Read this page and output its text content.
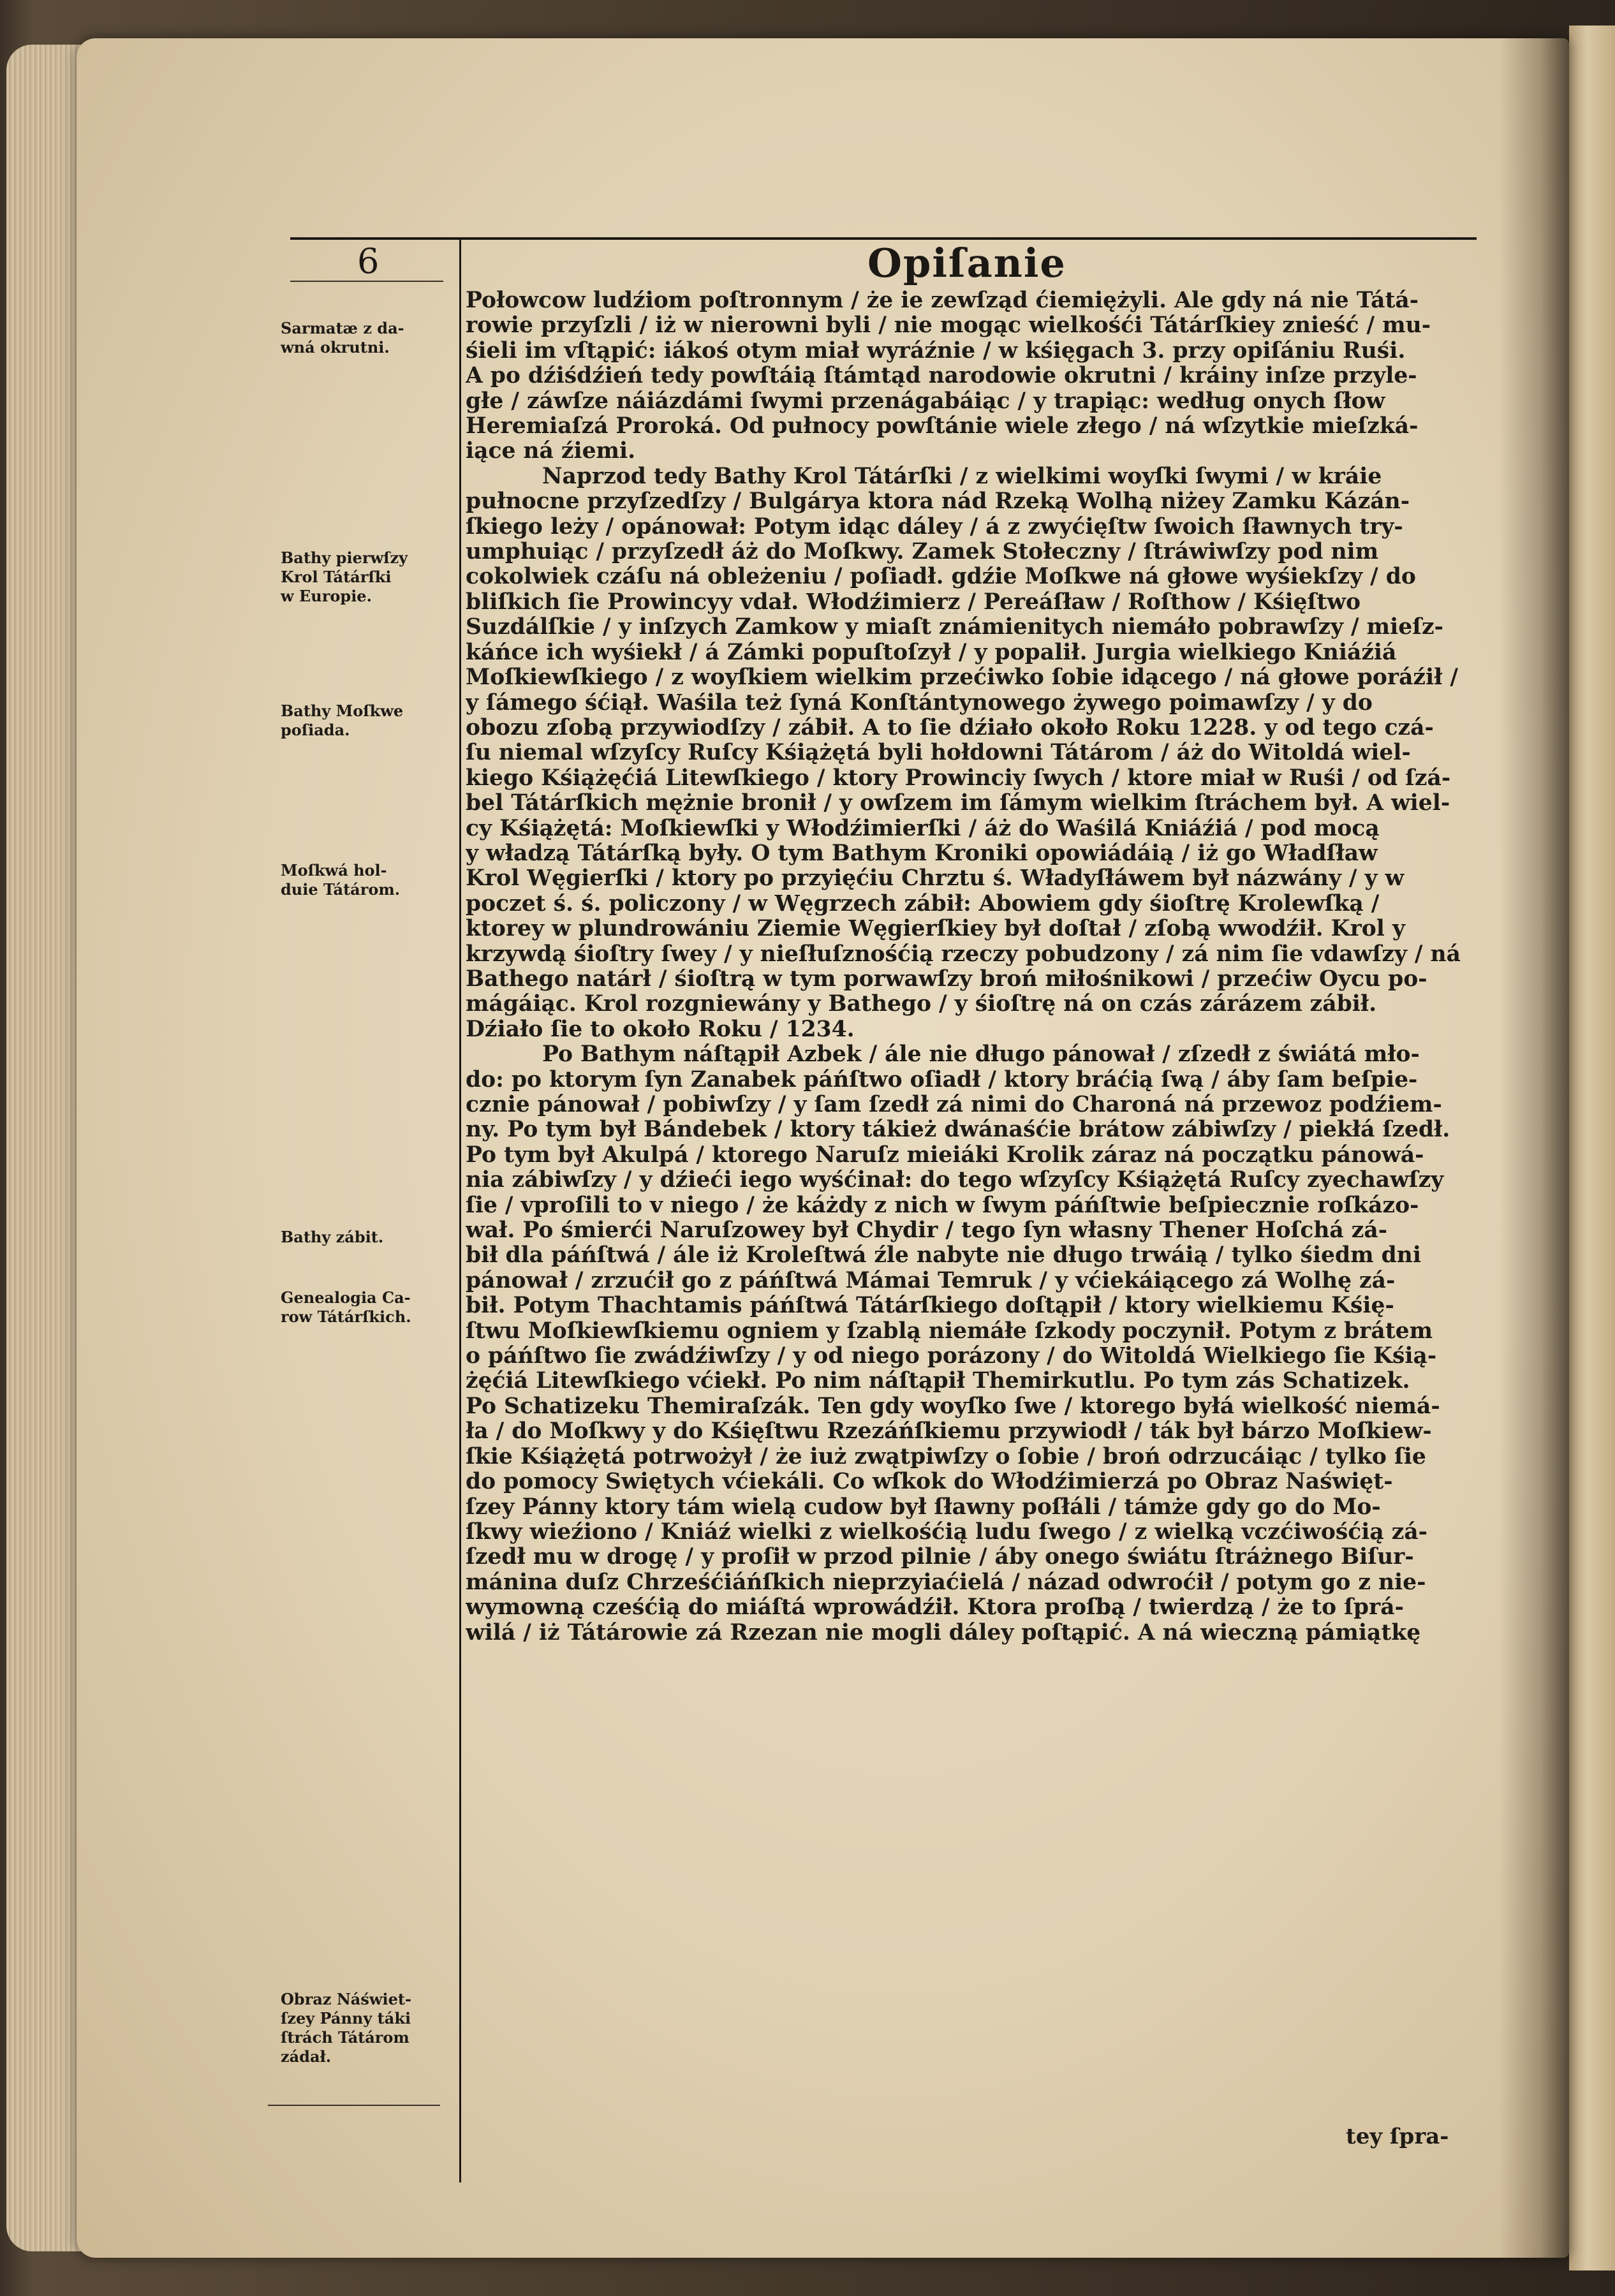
6	Opiſanie
Sarmatæ z da-
wná okrutni.
Bathy pierwſzy
Krol Tátárſki
w Europie.
Bathy Moſkwe
poſiada.
Moſkwá hol-
duie Tátárom.
Bathy zábit.
Genealogia Ca-
row Tátárſkich.
Obraz Náświet-
ſzey Pánny táki
ſtrách Tátárom
zádał.
Połowcow ludźiom poſtronnym / że ie zewſząd ćiemiężyli. Ale gdy ná nie Tátá-
rowie przyſzli / iż w nierowni byli / nie mogąc wielkośći Tátárſkiey znieść / mu-
śieli im vſtąpić: iákoś otym miał wyráźnie / w kśięgach 3. przy opiſániu Ruśi.
A po dźiśdźień tedy powſtáią ſtámtąd narodowie okrutni / kráiny inſze przyle-
głe / záwſze náiázdámi ſwymi przenágabáiąc / y trapiąc: według onych ſłow
Heremiaſzá Proroká. Od pułnocy powſtánie wiele złego / ná wſzytkie mieſzká-
iące ná źiemi.
Naprzod tedy Bathy Krol Tátárſki / z wielkimi woyſki ſwymi / w kráie
pułnocne przyſzedſzy / Bulgárya ktora nád Rzeką Wolhą niżey Zamku Kázán-
ſkiego leży / opánował: Potym idąc dáley / á z zwyćięſtw ſwoich ſławnych try-
umphuiąc / przyſzedł áż do Moſkwy. Zamek Stołeczny / ſtráwiwſzy pod nim
cokolwiek czáſu ná obleżeniu / poſiadł. gdźie Moſkwe ná głowe wyśiekſzy / do
bliſkich ſie Prowincyy vdał. Włodźimierz / Pereáſław / Roſthow / Kśięſtwo
Suzdálſkie / y inſzych Zamkow y miaſt známienitych niemáło pobrawſzy / mieſz-
káńce ich wyśiekł / á Zámki popuſtoſzył / y popalił. Jurgia wielkiego Kniáźiá
Moſkiewſkiego / z woyſkiem wielkim przećiwko ſobie idącego / ná głowe poráźił /
y ſámego śćiął. Waśila też ſyná Konſtántynowego żywego poimawſzy / y do
obozu zſobą przywiodſzy / zábił. A to ſie dźiało około Roku 1228. y od tego czá-
ſu niemal wſzyſcy Ruſcy Kśiążętá byli hołdowni Tátárom / áż do Witoldá wiel-
kiego Kśiążęćiá Litewſkiego / ktory Prowinciy ſwych / ktore miał w Ruśi / od ſzá-
bel Tátárſkich mężnie bronił / y owſzem im ſámym wielkim ſtráchem był. A wiel-
cy Kśiążętá: Moſkiewſki y Włodźimierſki / áż do Waśilá Kniáźiá / pod mocą
y władzą Tátárſką były. O tym Bathym Kroniki opowiádáią / iż go Władſław
Krol Węgierſki / ktory po przyięćiu Chrztu ś. Władyſłáwem był názwány / y w
poczet ś. ś. policzony / w Węgrzech zábił: Abowiem gdy śioſtrę Krolewſką /
ktorey w plundrowániu Ziemie Węgierſkiey był doſtał / zſobą wwodźił. Krol y
krzywdą śioſtry ſwey / y nieſłuſznośćią rzeczy pobudzony / zá nim ſie vdawſzy / ná
Bathego natárł / śioſtrą w tym porwawſzy broń miłośnikowi / przećiw Oycu po-
mágáiąc. Krol rozgniewány y Bathego / y śioſtrę ná on czás zárázem zábił.
Dźiało ſie to około Roku / 1234.
Po Bathym náſtąpił Azbek / ále nie długo pánował / zſzedł z świátá mło-
do: po ktorym ſyn Zanabek páńſtwo oſiadł / ktory bráćią ſwą / áby ſam beſpie-
cznie pánował / pobiwſzy / y ſam ſzedł zá nimi do Charoná ná przewoz podźiem-
ny. Po tym był Bándebek / ktory tákież dwánaśćie brátow zábiwſzy / piekłá ſzedł.
Po tym był Akulpá / ktorego Naruſz mieiáki Krolik záraz ná początku pánowá-
nia zábiwſzy / y dźieći iego wyśćinał: do tego wſzyſcy Kśiążętá Ruſcy zyechawſzy
ſie / vproſili to v niego / że káżdy z nich w ſwym páńſtwie beſpiecznie roſkázo-
wał. Po śmierći Naruſzowey był Chydir / tego ſyn własny Thener Hoſchá zá-
bił dla páńſtwá / ále iż Kroleſtwá źle nabyte nie długo trwáią / tylko śiedm dni
pánował / zrzućił go z páńſtwá Mámai Temruk / y vćiekáiącego zá Wolhę zá-
bił. Potym Thachtamis páńſtwá Tátárſkiego doſtąpił / ktory wielkiemu Kśię-
ſtwu Moſkiewſkiemu ogniem y ſzablą niemáłe ſzkody poczynił. Potym z brátem
o páńſtwo ſie zwádźiwſzy / y od niego porázony / do Witoldá Wielkiego ſie Kśią-
żęćiá Litewſkiego vćiekł. Po nim náſtąpił Themirkutlu. Po tym zás Schatizek.
Po Schatizeku Themiraſzák. Ten gdy woyſko ſwe / ktorego byłá wielkość niemá-
ła / do Moſkwy y do Kśięſtwu Rzezáńſkiemu przywiodł / ták był bárzo Moſkiew-
ſkie Kśiążętá potrwożył / że iuż zwątpiwſzy o ſobie / broń odrzucáiąc / tylko ſie
do pomocy Swiętych vćiekáli. Co wſkok do Włodźimierzá po Obraz Naświęt-
ſzey Pánny ktory tám wielą cudow był ſławny poſłáli / támże gdy go do Mo-
ſkwy wieźiono / Kniáź wielki z wielkośćią ludu ſwego / z wielką vczćiwośćią zá-
ſzedł mu w drogę / y proſił w przod pilnie / áby onego świátu ſtráżnego Biſur-
mánina duſz Chrześćiáńſkich nieprzyiaćielá / názad odwroćił / potym go z nie-
wymowną cześćią do miáſtá wprowádźił. Ktora proſbą / twierdzą / że to ſprá-
wilá / iż Tátárowie zá Rzezan nie mogli dáley poſtąpić. A ná wieczną pámiątkę
tey ſpra-
